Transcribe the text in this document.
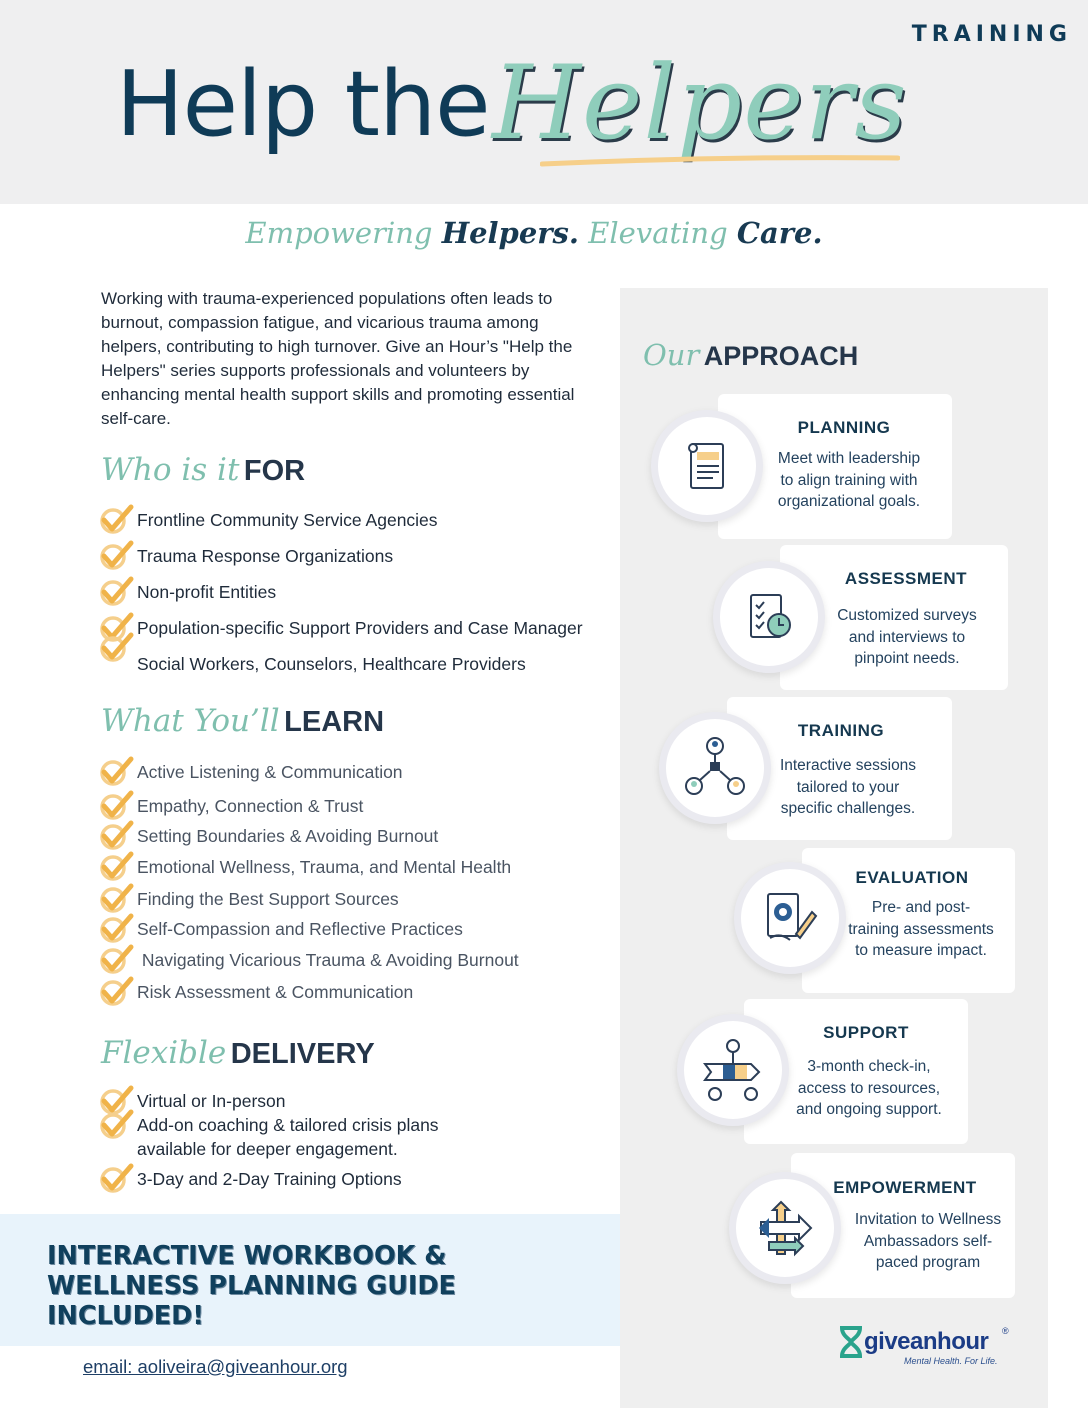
TRAINING
Help the Helpers
Empowering Helpers. Elevating Care.
Working with trauma-experienced populations often leads to burnout, compassion fatigue, and vicarious trauma among helpers, contributing to high turnover. Give an Hour’s "Help the Helpers" series supports professionals and volunteers by enhancing mental health support skills and promoting essential self-care.
Who is it FOR
Frontline Community Service Agencies
Trauma Response Organizations
Non-profit Entities
Population-specific Support Providers and Case Manager
Social Workers, Counselors, Healthcare Providers
What You’ll LEARN
Active Listening & Communication
Empathy, Connection & Trust
Setting Boundaries & Avoiding Burnout
Emotional Wellness, Trauma, and Mental Health
Finding the Best Support Sources
Self-Compassion and Reflective Practices
Navigating Vicarious Trauma & Avoiding Burnout
Risk Assessment & Communication
Flexible DELIVERY
Virtual or In-person
Add-on coaching & tailored crisis plans
available for deeper engagement.
3-Day and 2-Day Training Options
INTERACTIVE WORKBOOK &
WELLNESS PLANNING GUIDE
INCLUDED!
email: aoliveira@giveanhour.org
Our APPROACH
PLANNING
Meet with leadership
to align training with
organizational goals.
ASSESSMENT
Customized surveys
and interviews to
pinpoint needs.
TRAINING
Interactive sessions
tailored to your
specific challenges.
EVALUATION
Pre- and post-
training assessments
to measure impact.
SUPPORT
3-month check-in,
access to resources,
and ongoing support.
EMPOWERMENT
Invitation to Wellness
Ambassadors self-
paced program
giveanhour ®
Mental Health. For Life.
